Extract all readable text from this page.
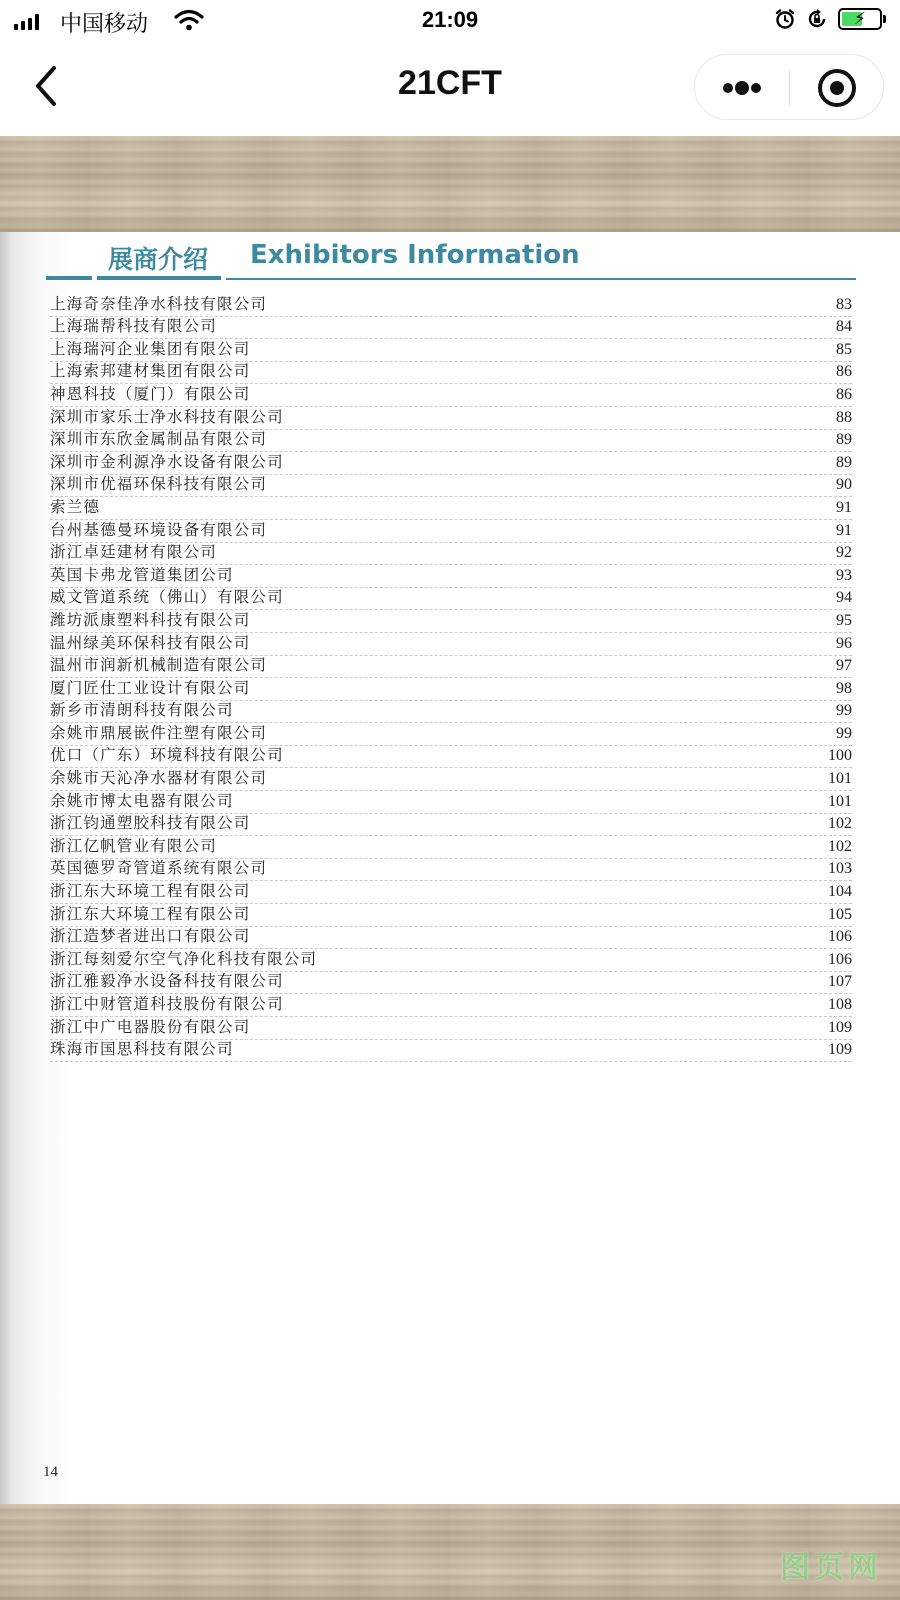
中国移动	21:09	⚡
21CFT
展商介绍 Exhibitors Information
上海奇奈佳净水科技有限公司	83
上海瑞帮科技有限公司	84
上海瑞河企业集团有限公司	85
上海索邦建材集团有限公司	86
神恩科技（厦门）有限公司	86
深圳市家乐士净水科技有限公司	88
深圳市东欣金属制品有限公司	89
深圳市金利源净水设备有限公司	89
深圳市优福环保科技有限公司	90
索兰德	91
台州基德曼环境设备有限公司	91
浙江卓廷建材有限公司	92
英国卡弗龙管道集团公司	93
威文管道系统（佛山）有限公司	94
潍坊派康塑料科技有限公司	95
温州绿美环保科技有限公司	96
温州市润新机械制造有限公司	97
厦门匠仕工业设计有限公司	98
新乡市清朗科技有限公司	99
余姚市鼎展嵌件注塑有限公司	99
优口（广东）环境科技有限公司	100
余姚市天沁净水器材有限公司	101
余姚市博太电器有限公司	101
浙江钧通塑胶科技有限公司	102
浙江亿帆管业有限公司	102
英国德罗奇管道系统有限公司	103
浙江东大环境工程有限公司	104
浙江东大环境工程有限公司	105
浙江造梦者进出口有限公司	106
浙江每刻爱尔空气净化科技有限公司	106
浙江雅毅净水设备科技有限公司	107
浙江中财管道科技股份有限公司	108
浙江中广电器股份有限公司	109
珠海市国思科技有限公司	109
14
图页网
